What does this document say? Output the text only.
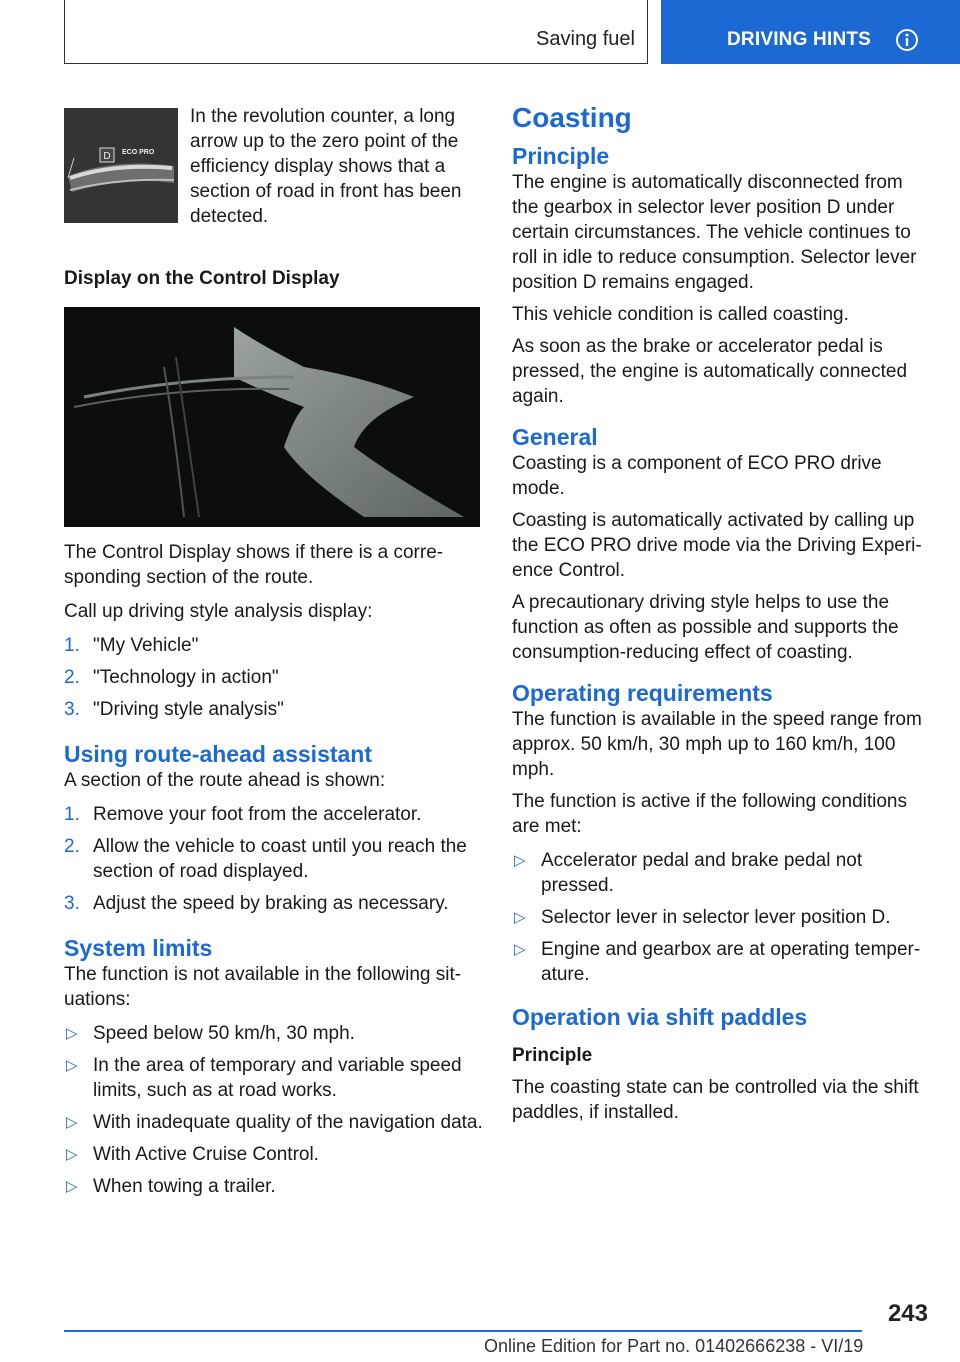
Saving fuel	DRIVING HINTS
D ECO PRO

In the revolution counter, a long arrow up to the zero point of the efficiency display shows that a section of road in front has been detected.

Display on the Control Display

The Control Display shows if there is a corre-sponding section of the route.

Call up driving style analysis display:

1. "My Vehicle"

2. "Technology in action"

3. "Driving style analysis"

Using route-ahead assistant

A section of the route ahead is shown:

1. Remove your foot from the accelerator.

2. Allow the vehicle to coast until you reach the section of road displayed.

3. Adjust the speed by braking as necessary.

System limits

The function is not available in the following sit-uations:

▷ Speed below 50 km/h, 30 mph.

▷ In the area of temporary and variable speed limits, such as at road works.

▷ With inadequate quality of the navigation data.

▷ With Active Cruise Control.

▷ When towing a trailer.

Coasting

Principle

The engine is automatically disconnected from the gearbox in selector lever position D under certain circumstances. The vehicle continues to roll in idle to reduce consumption. Selector lever position D remains engaged.

This vehicle condition is called coasting.

As soon as the brake or accelerator pedal is pressed, the engine is automatically connected again.

General

Coasting is a component of ECO PRO drive mode.

Coasting is automatically activated by calling up the ECO PRO drive mode via the Driving Experi-ence Control.

A precautionary driving style helps to use the function as often as possible and supports the consumption-reducing effect of coasting.

Operating requirements

The function is available in the speed range from approx. 50 km/h, 30 mph up to 160 km/h, 100 mph.

The function is active if the following conditions are met:

▷ Accelerator pedal and brake pedal not pressed.

▷ Selector lever in selector lever position D.

▷ Engine and gearbox are at operating temper-ature.

Operation via shift paddles

Principle

The coasting state can be controlled via the shift paddles, if installed.

243
Online Edition for Part no. 01402666238 - VI/19
